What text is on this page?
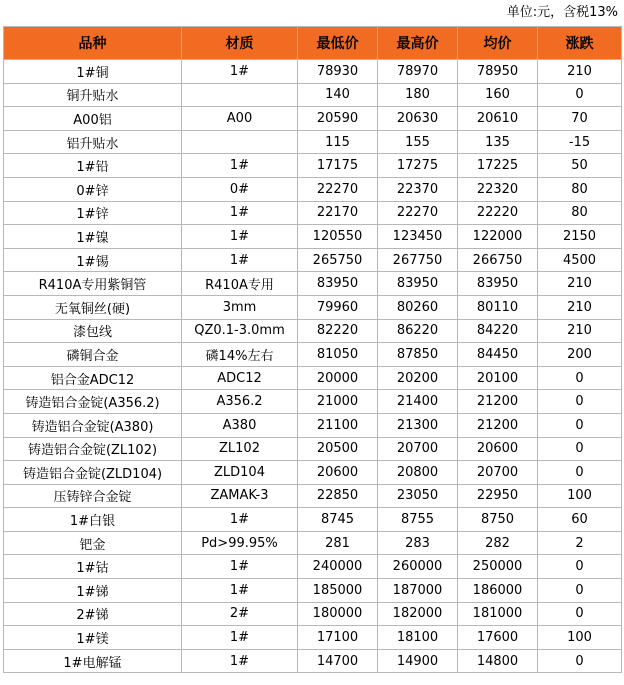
单位:元，含税13%
品种	材质	最低价	最高价	均价	涨跌
1#铜	1#	78930	78970	78950	210
铜升贴水		140	180	160	0
A00铝	A00	20590	20630	20610	70
铝升贴水		115	155	135	-15
1#铅	1#	17175	17275	17225	50
0#锌	0#	22270	22370	22320	80
1#锌	1#	22170	22270	22220	80
1#镍	1#	120550	123450	122000	2150
1#锡	1#	265750	267750	266750	4500
R410A专用紫铜管	R410A专用	83950	83950	83950	210
无氧铜丝(硬)	3mm	79960	80260	80110	210
漆包线	QZ0.1-3.0mm	82220	86220	84220	210
磷铜合金	磷14%左右	81050	87850	84450	200
铝合金ADC12	ADC12	20000	20200	20100	0
铸造铝合金锭(A356.2)	A356.2	21000	21400	21200	0
铸造铝合金锭(A380)	A380	21100	21300	21200	0
铸造铝合金锭(ZL102)	ZL102	20500	20700	20600	0
铸造铝合金锭(ZLD104)	ZLD104	20600	20800	20700	0
压铸锌合金锭	ZAMAK-3	22850	23050	22950	100
1#白银	1#	8745	8755	8750	60
钯金	Pd>99.95%	281	283	282	2
1#钴	1#	240000	260000	250000	0
1#锑	1#	185000	187000	186000	0
2#锑	2#	180000	182000	181000	0
1#镁	1#	17100	18100	17600	100
1#电解锰	1#	14700	14900	14800	0
